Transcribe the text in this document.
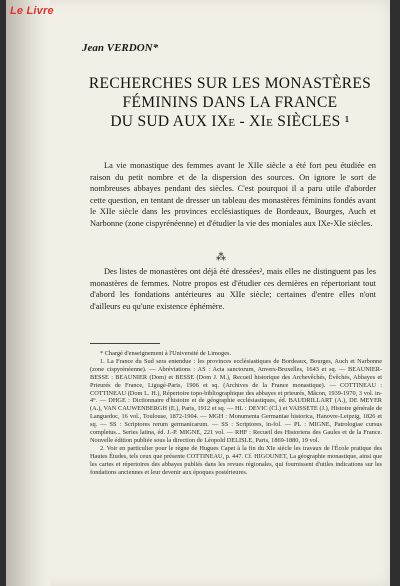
Le Livre
Jean VERDON*
RECHERCHES SUR LES MONASTÈRES
FÉMININS DANS LA FRANCE
DU SUD AUX IXe - XIe SIÈCLES ¹

La vie monastique des femmes avant le XIIe siècle a été fort peu étudiée en raison du petit nombre et de la dispersion des sources. On ignore le sort de nombreuses abbayes pendant des siècles. C'est pourquoi il a paru utile d'aborder cette question, en tentant de dresser un tableau des monastères féminins fondés avant le XIIe siècle dans les provinces ecclésiastiques de Bordeaux, Bourges, Auch et Narbonne (zone cispyrénéenne) et d'étudier la vie des moniales aux IXe-XIe siècles.

⁂

Des listes de monastères ont déjà été dressées², mais elles ne distinguent pas les monastères de femmes. Notre propos est d'étudier ces dernières en répertoriant tout d'abord les fondations antérieures au XIIe siècle; certaines d'entre elles n'ont d'ailleurs eu qu'une existence éphémère.

* Chargé d'enseignement à l'Université de Limoges.

1. La France du Sud sera entendue : les provinces ecclésiastiques de Bordeaux, Bourges, Auch et Narbonne (zone cispyrénéenne). — Abréviations : AS : Acta sanctorum, Anvers-Bruxelles, 1643 et sq. — BEAUNIER-BESSE : BEAUNIER (Dom) et BESSE (Dom J. M.), Recueil historique des Archevêchés, Évêchés, Abbayes et Prieurés de France, Ligugé-Paris, 1906 et sq. (Archives de la France monastique). — COTTINEAU : COTTINEAU (Dom L. H.), Répertoire topo-bibliographique des abbayes et prieurés, Mâcon, 1939-1970, 3 vol. in-4°. — DHGE : Dictionnaire d'histoire et de géographie ecclésiastiques, éd. BAUDRILLART (A.), DE MEYER (A.), VAN CAUWENBERGH (E.), Paris, 1912 et sq. — HL : DEVIC (Cl.) et VAISSETE (J.), Histoire générale de Languedoc, 16 vol., Toulouse, 1872-1904. — MGH : Monumenta Germaniae historica, Hanovre-Leipzig, 1826 et sq. — SS : Scriptores rerum germanicarum. — SS : Scriptores, in-fol. — PL : MIGNE, Patrologiae cursus completus... Series latina, éd. J.-P. MIGNE, 221 vol. — RHF : Recueil des Historiens des Gaules et de la France. Nouvelle édition publiée sous la direction de Léopold DELISLE, Paris, 1869-1880, 19 vol.

2. Voir en particulier pour le règne de Hugues Capet à la fin du XIe siècle les travaux de l'École pratique des Hautes Études, tels ceux que présente COTTINEAU, p. 447. Cf. HIGOUNET, La géographie monastique, ainsi que les cartes et répertoires des abbayes publiés dans les revues régionales, qui fournissent d'utiles indications sur les fondations anciennes et leur devenir aux époques postérieures.
